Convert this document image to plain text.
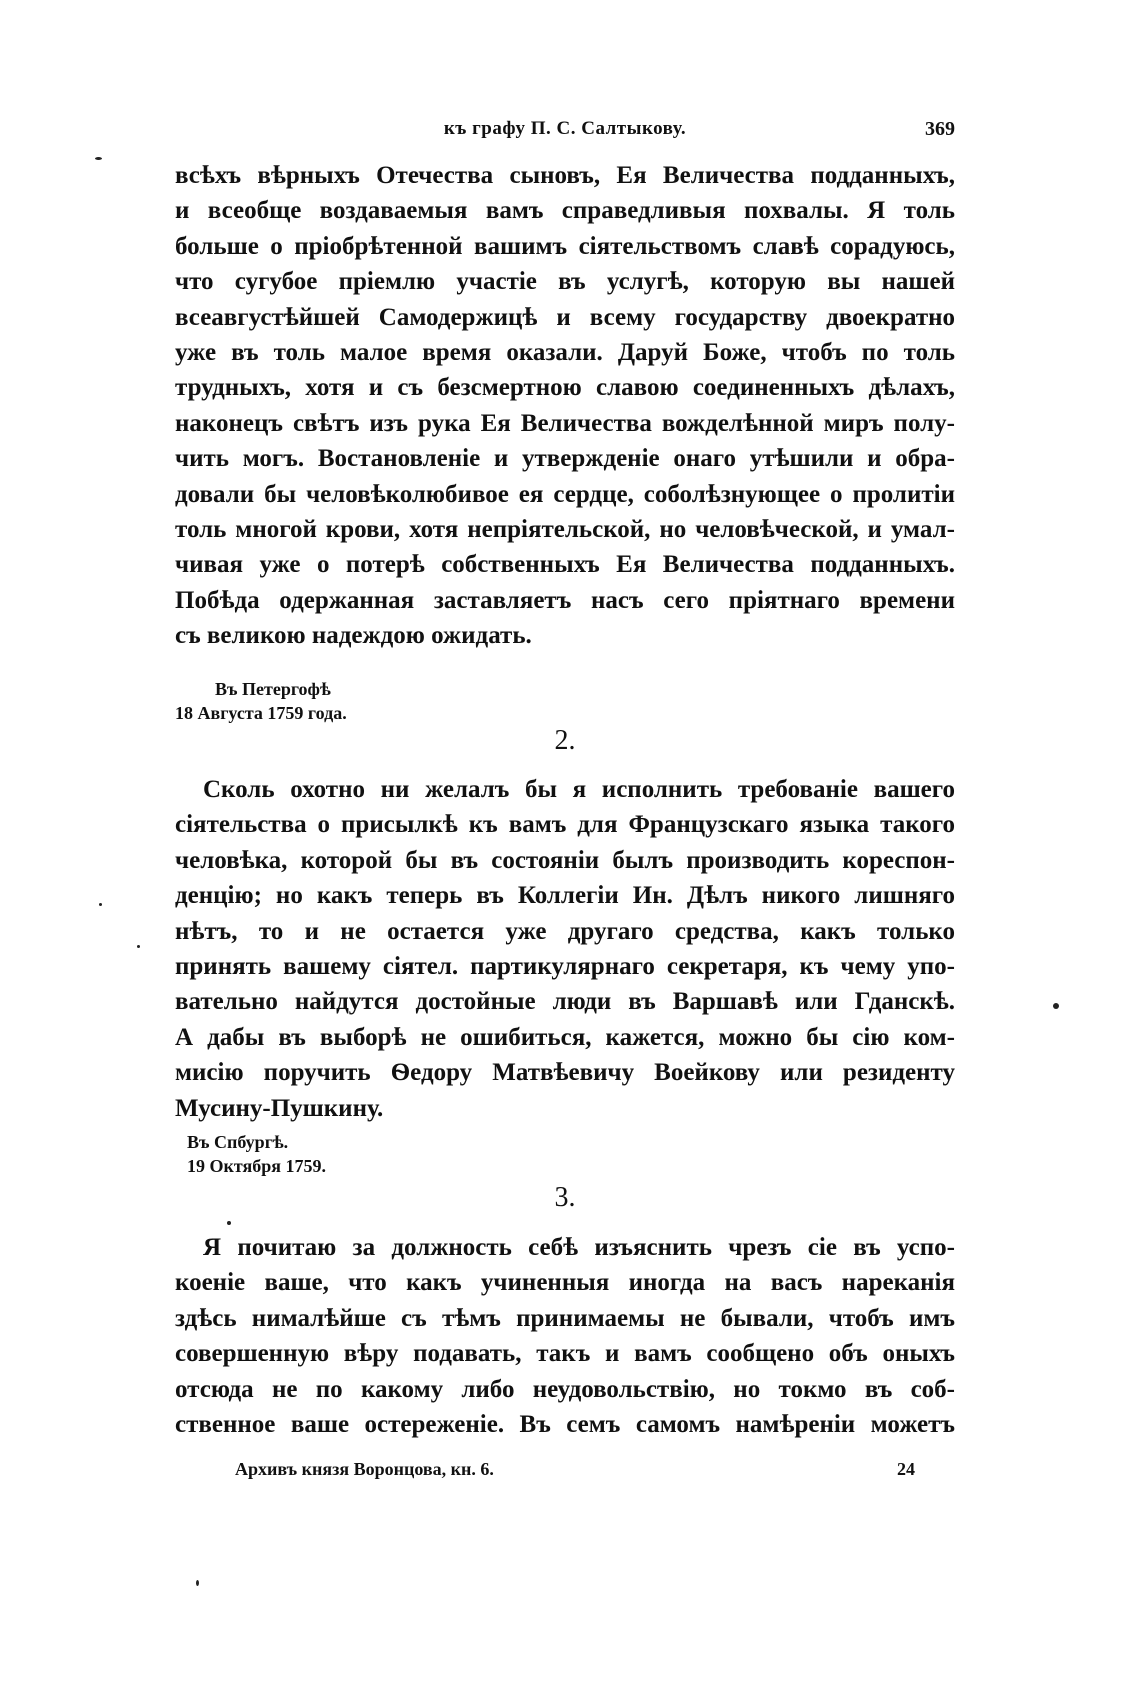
къ графу П. С. Салтыкову.	369
всѣхъ вѣрныхъ Отечества сыновъ, Ея Величества подданныхъ,
и всеобще воздаваемыя вамъ справедливыя похвалы. Я толь
больше о пріобрѣтенной вашимъ сіятельствомъ славѣ сорадуюсь,
что сугубое пріемлю участіе въ услугѣ, которую вы нашей
всеавгустѣйшей Самодержицѣ и всему государству двоекратно
уже въ толь малое время оказали. Даруй Боже, чтобъ по толь
трудныхъ, хотя и съ безсмертною славою соединенныхъ дѣлахъ,
наконецъ свѣтъ изъ рука Ея Величества вожделѣнной миръ полу-
чить могъ. Востановленіе и утвержденіе онаго утѣшили и обра-
довали бы человѣколюбивое ея сердце, соболѣзнующее о пролитіи
толь многой крови, хотя непріятельской, но человѣческой, и умал-
чивая уже о потерѣ собственныхъ Ея Величества подданныхъ.
Побѣда одержанная заставляетъ насъ сего пріятнаго времени
съ великою надеждою ожидать.
Въ Петергофѣ
18 Августа 1759 года.
2.
Сколь охотно ни желалъ бы я исполнить требованіе вашего
сіятельства о присылкѣ къ вамъ для Французскаго языка такого
человѣка, которой бы въ состояніи былъ производить кореспон-
денцію; но какъ теперь въ Коллегіи Ин. Дѣлъ никого лишняго
нѣтъ, то и не остается уже другаго средства, какъ только
принять вашему сіятел. партикулярнаго секретаря, къ чему упо-
вательно найдутся достойные люди въ Варшавѣ или Гданскѣ.
А дабы въ выборѣ не ошибиться, кажется, можно бы сію ком-
мисію поручить Ѳедору Матвѣевичу Воейкову или резиденту
Мусину-Пушкину.
Въ Спбургѣ.
19 Октября 1759.
3.
Я почитаю за должность себѣ изъяснить чрезъ сіе въ успо-
коеніе ваше, что какъ учиненныя иногда на васъ нареканія
здѣсь нималѣйше съ тѣмъ принимаемы не бывали, чтобъ имъ
совершенную вѣру подавать, такъ и вамъ сообщено объ оныхъ
отсюда не по какому либо неудовольствію, но токмо въ соб-
ственное ваше остереженіе. Въ семъ самомъ намѣреніи можетъ
Архивъ князя Воронцова, кн. 6.	24
